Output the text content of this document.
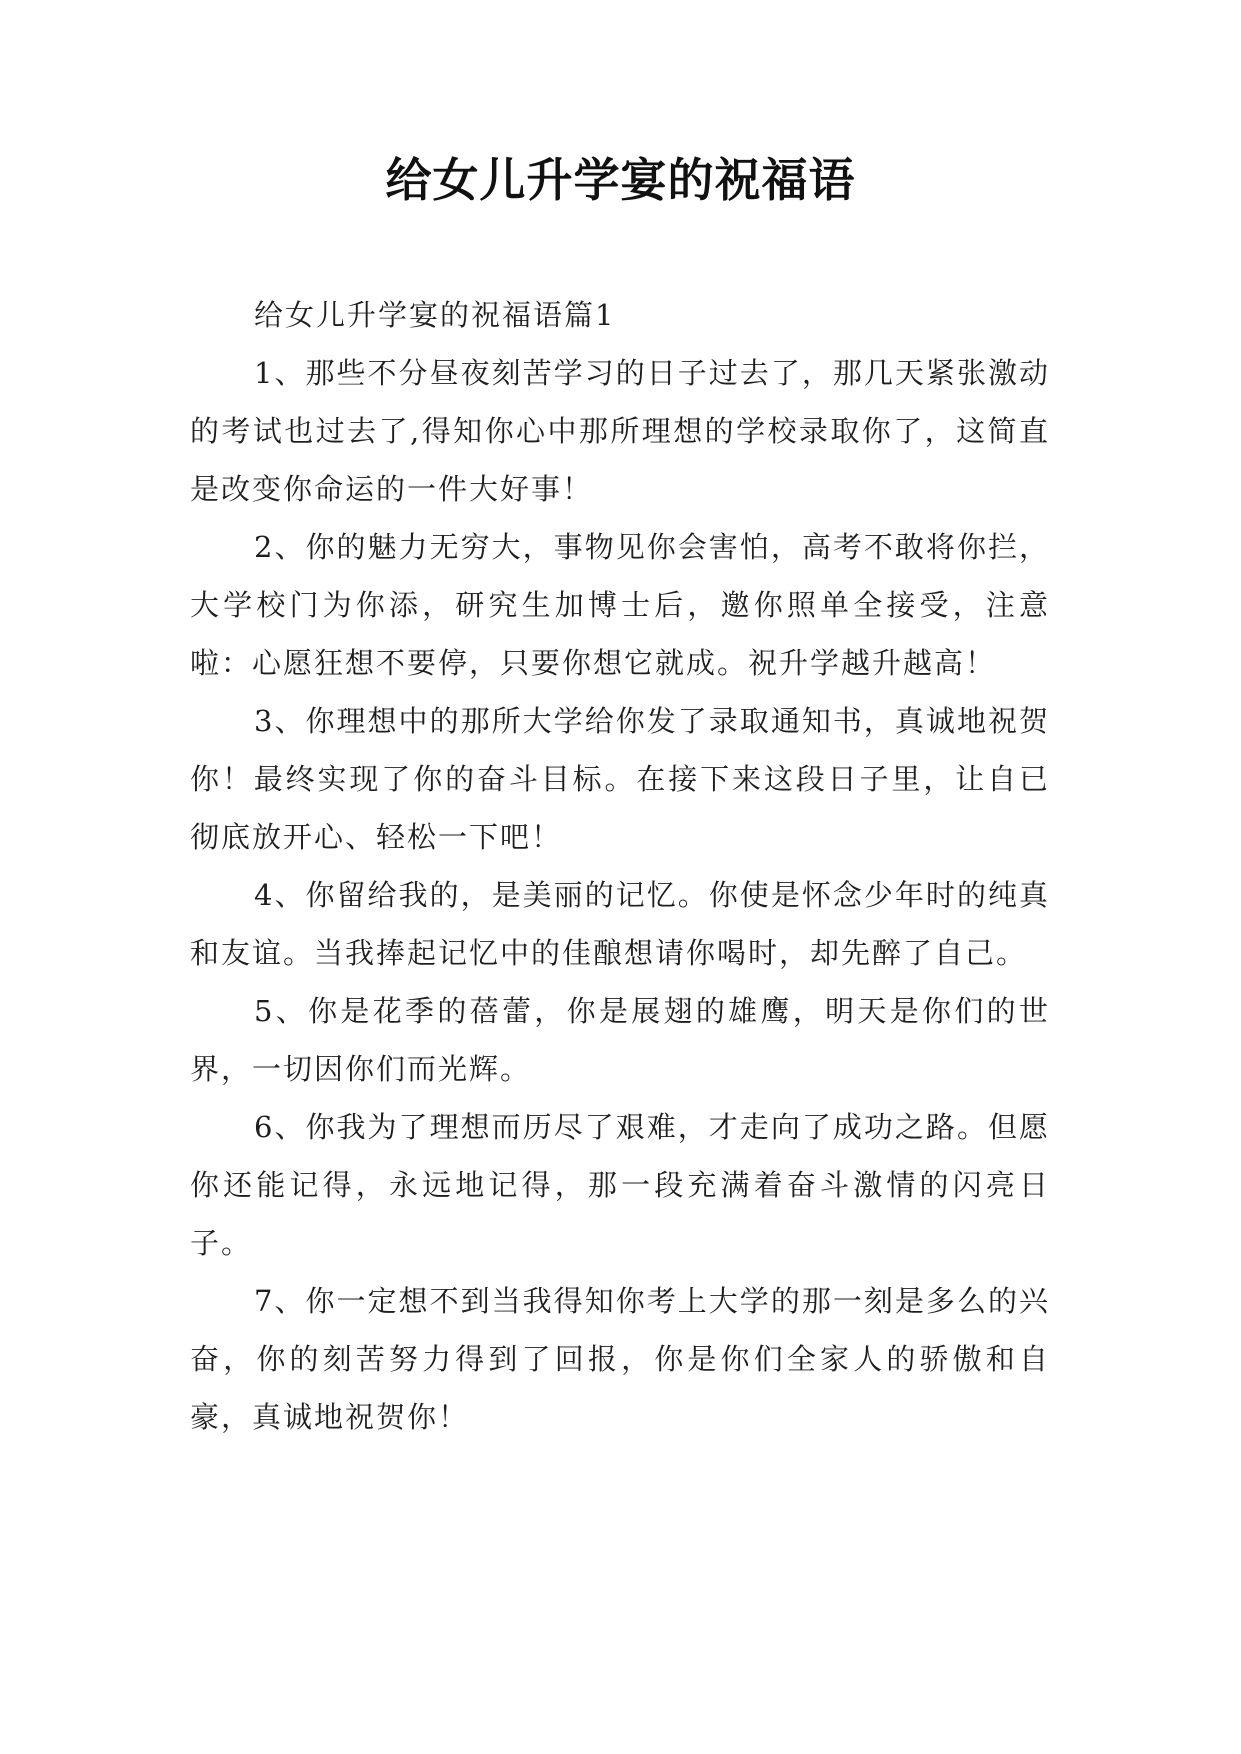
给女儿升学宴的祝福语

给女儿升学宴的祝福语篇1

1、那些不分昼夜刻苦学习的日子过去了，那几天紧张激动的考试也过去了,得知你心中那所理想的学校录取你了，这简直是改变你命运的一件大好事！

2、你的魅力无穷大，事物见你会害怕，高考不敢将你拦，大学校门为你添，研究生加博士后，邀你照单全接受，注意啦：心愿狂想不要停，只要你想它就成。祝升学越升越高！

3、你理想中的那所大学给你发了录取通知书，真诚地祝贺你！最终实现了你的奋斗目标。在接下来这段日子里，让自已彻底放开心、轻松一下吧！

4、你留给我的，是美丽的记忆。你使是怀念少年时的纯真和友谊。当我捧起记忆中的佳酿想请你喝时，却先醉了自己。

5、你是花季的蓓蕾，你是展翅的雄鹰，明天是你们的世界，一切因你们而光辉。

6、你我为了理想而历尽了艰难，才走向了成功之路。但愿你还能记得，永远地记得，那一段充满着奋斗激情的闪亮日子。

7、你一定想不到当我得知你考上大学的那一刻是多么的兴奋，你的刻苦努力得到了回报，你是你们全家人的骄傲和自豪，真诚地祝贺你！
